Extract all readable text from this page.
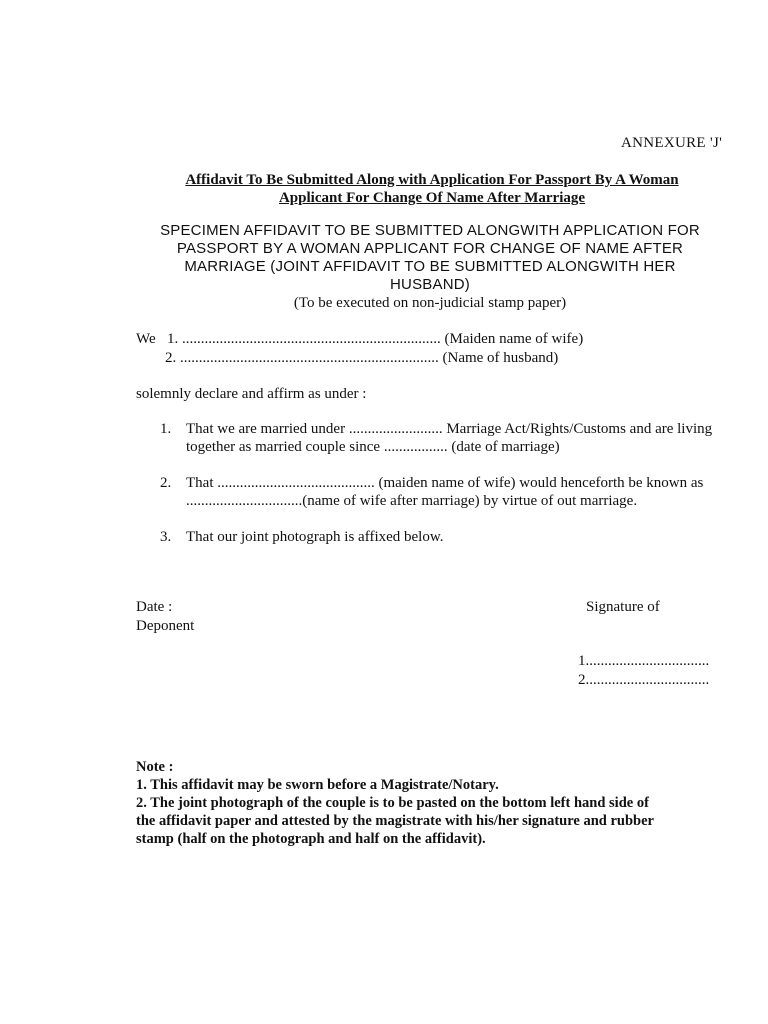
ANNEXURE 'J'
Affidavit To Be Submitted Along with Application For Passport By A Woman
Applicant For Change Of Name After Marriage
SPECIMEN AFFIDAVIT TO BE SUBMITTED ALONGWITH APPLICATION FOR
PASSPORT BY A WOMAN APPLICANT FOR CHANGE OF NAME AFTER
MARRIAGE (JOINT AFFIDAVIT TO BE SUBMITTED ALONGWITH HER
HUSBAND)
(To be executed on non-judicial stamp paper)
We 1. ..................................................................... (Maiden name of wife)
2. ..................................................................... (Name of husband)
solemnly declare and affirm as under :
1. That we are married under ......................... Marriage Act/Rights/Customs and are living together as married couple since ................. (date of marriage)
2. That .......................................... (maiden name of wife) would henceforth be known as ...............................(name of wife after marriage) by virtue of out marriage.
3. That our joint photograph is affixed below.
Date :
Deponent
Signature of
1.................................
2.................................
Note :
1. This affidavit may be sworn before a Magistrate/Notary.
2. The joint photograph of the couple is to be pasted on the bottom left hand side of
the affidavit paper and attested by the magistrate with his/her signature and rubber
stamp (half on the photograph and half on the affidavit).
